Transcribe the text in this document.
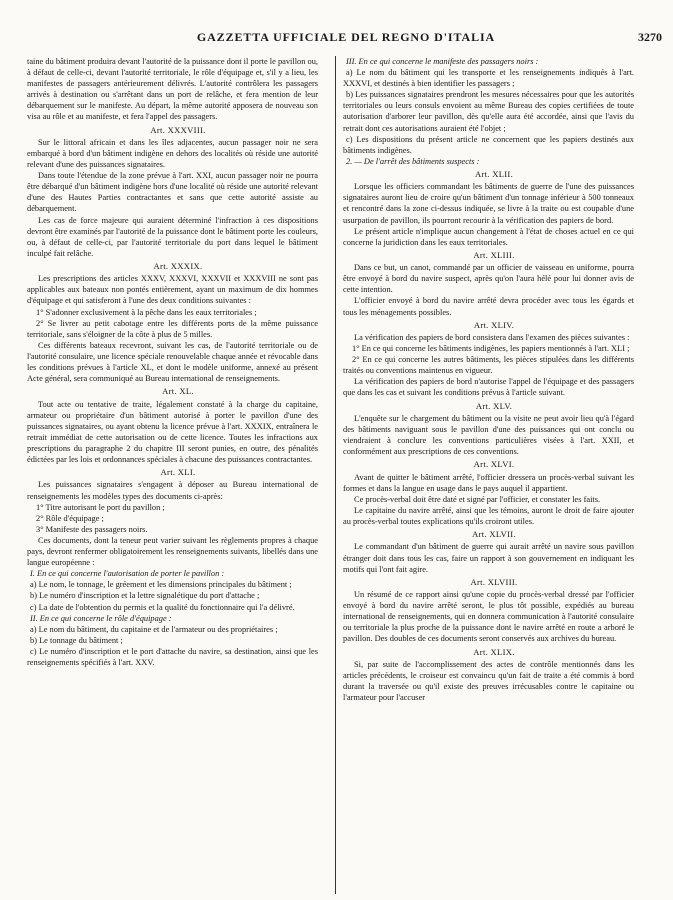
GAZZETTA UFFICIALE DEL REGNO D'ITALIA	3270

taine du bâtiment produira devant l'autorité de la puissance dont il porte le pavillon ou, à défaut de celle-ci, devant l'autorité territoriale, le rôle d'équipage et, s'il y a lieu, les manifestes de passagers antérieurement délivrés. L'autorité contrôlera les passagers arrivés à destination ou s'arrêtant dans un port de relâche, et fera mention de leur débarquement sur le manifeste. Au départ, la même autorité apposera de nouveau son visa au rôle et au manifeste, et fera l'appel des passagers.

Art. XXXVIII.

Sur le littoral africain et dans les îles adjacentes, aucun passager noir ne sera embarqué à bord d'un bâtiment indigène en dehors des localités où réside une autorité relevant d'une des puissances signataires.

Dans toute l'étendue de la zone prévue à l'art. XXI, aucun passager noir ne pourra être débarqué d'un bâtiment indigène hors d'une localité où réside une autorité relevant d'une des Hautes Parties contractantes et sans que cette autorité assiste au débarquement.

Les cas de force majeure qui auraient déterminé l'infraction à ces dispositions devront être examinés par l'autorité de la puissance dont le bâtiment porte les couleurs, ou, à défaut de celle-ci, par l'autorité territoriale du port dans lequel le bâtiment inculpé fait relâche.

Art. XXXIX.

Les prescriptions des articles XXXV, XXXVI, XXXVII et XXXVIII ne sont pas applicables aux bateaux non pontés entièrement, ayant un maximum de dix hommes d'équipage et qui satisferont à l'une des deux conditions suivantes :

1° S'adonner exclusivement à la pêche dans les eaux territoriales ;

2° Se livrer au petit cabotage entre les différents ports de la même puissance territoriale, sans s'éloigner de la côte à plus de 5 milles.

Ces différents bateaux recevront, suivant les cas, de l'autorité territoriale ou de l'autorité consulaire, une licence spéciale renouvelable chaque année et révocable dans les conditions prévues à l'article XL, et dont le modèle uniforme, annexé au présent Acte général, sera communiqué au Bureau international de renseignements.

Art. XL.

Tout acte ou tentative de traite, légalement constaté à la charge du capitaine, armateur ou propriétaire d'un bâtiment autorisé à porter le pavillon d'une des puissances signataires, ou ayant obtenu la licence prévue à l'art. XXXIX, entraînera le retrait immédiat de cette autorisation ou de cette licence. Toutes les infractions aux prescriptions du paragraphe 2 du chapitre III seront punies, en outre, des pénalités édictées par les lois et ordonnances spéciales à chacune des puissances contractantes.

Art. XLI.

Les puissances signataires s'engagent à déposer au Bureau international de renseignements les modèles types des documents ci-après:

1° Titre autorisant le port du pavillon ;

2° Rôle d'équipage ;

3° Manifeste des passagers noirs.

Ces documents, dont la teneur peut varier suivant les règlements propres à chaque pays, devront renfermer obligatoirement les renseignements suivants, libellés dans une langue européenne :

I. En ce qui concerne l'autorisation de porter le pavillon :

a) Le nom, le tonnage, le gréement et les dimensions principales du bâtiment ;

b) Le numéro d'inscription et la lettre signalétique du port d'attache ;

c) La date de l'obtention du permis et la qualité du fonctionnaire qui l'a délivré.

II. En ce qui concerne le rôle d'équipage :

a) Le nom du bâtiment, du capitaine et de l'armateur ou des propriétaires ;

b) Le tonnage du bâtiment ;

c) Le numéro d'inscription et le port d'attache du navire, sa destination, ainsi que les renseignements spécifiés à l'art. XXV.

III. En ce qui concerne le manifeste des passagers noirs :

a) Le nom du bâtiment qui les transporte et les renseignements indiqués à l'art. XXXVI, et destinés à bien identifier les passagers ;

b) Les puissances signataires prendront les mesures nécessaires pour que les autorités territoriales ou leurs consuls envoient au même Bureau des copies certifiées de toute autorisation d'arborer leur pavillon, dès qu'elle aura été accordée, ainsi que l'avis du retrait dont ces autorisations auraient été l'objet ;

c) Les dispositions du présent article ne concernent que les papiers destinés aux bâtiments indigènes.

2. — De l'arrêt des bâtiments suspects :

Art. XLII.

Lorsque les officiers commandant les bâtiments de guerre de l'une des puissances signataires auront lieu de croire qu'un bâtiment d'un tonnage inférieur à 500 tonneaux et rencontré dans la zone ci-dessus indiquée, se livre à la traite ou est coupable d'une usurpation de pavillon, ils pourront recourir à la vérification des papiers de bord.

Le présent article n'implique aucun changement à l'état de choses actuel en ce qui concerne la juridiction dans les eaux territoriales.

Art. XLIII.

Dans ce but, un canot, commandé par un officier de vaisseau en uniforme, pourra être envoyé à bord du navire suspect, après qu'on l'aura hélé pour lui donner avis de cette intention.

L'officier envoyé à bord du navire arrêté devra procéder avec tous les égards et tous les ménagements possibles.

Art. XLIV.

La vérification des papiers de bord consistera dans l'examen des pièces suivantes :

1° En ce qui concerne les bâtiments indigènes, les papiers mentionnés à l'art. XLI ;

2° En ce qui concerne les autres bâtiments, les pièces stipulées dans les différents traités ou conventions maintenus en vigueur.

La vérification des papiers de bord n'autorise l'appel de l'équipage et des passagers que dans les cas et suivant les conditions prévus à l'article suivant.

Art. XLV.

L'enquête sur le chargement du bâtiment ou la visite ne peut avoir lieu qu'à l'égard des bâtiments naviguant sous le pavillon d'une des puissances qui ont conclu ou viendraient à conclure les conventions particulières visées à l'art. XXII, et conformément aux prescriptions de ces conventions.

Art. XLVI.

Avant de quitter le bâtiment arrêté, l'officier dressera un procès-verbal suivant les formes et dans la langue en usage dans le pays auquel il appartient.

Ce procès-verbal doit être daté et signé par l'officier, et constater les faits.

Le capitaine du navire arrêté, ainsi que les témoins, auront le droit de faire ajouter au procès-verbal toutes explications qu'ils croiront utiles.

Art. XLVII.

Le commandant d'un bâtiment de guerre qui aurait arrêté un navire sous pavillon étranger doit dans tous les cas, faire un rapport à son gouvernement en indiquant les motifs qui l'ont fait agire.

Art. XLVIII.

Un résumé de ce rapport ainsi qu'une copie du procès-verbal dressé par l'officier envoyé à bord du navire arrêté seront, le plus tôt possible, expédiés au bureau international de renseignements, qui en donnera communication à l'autorité consulaire ou territoriale la plus proche de la puissance dont le navire arrêté en route a arboré le pavillon. Des doubles de ces documents seront conservés aux archives du bureau.

Art. XLIX.

Si, par suite de l'accomplissement des actes de contrôle mentionnés dans les articles précédents, le croiseur est convaincu qu'un fait de traite a été commis à bord durant la traversée ou qu'il existe des preuves irrécusables contre le capitaine ou l'armateur pour l'accuser
